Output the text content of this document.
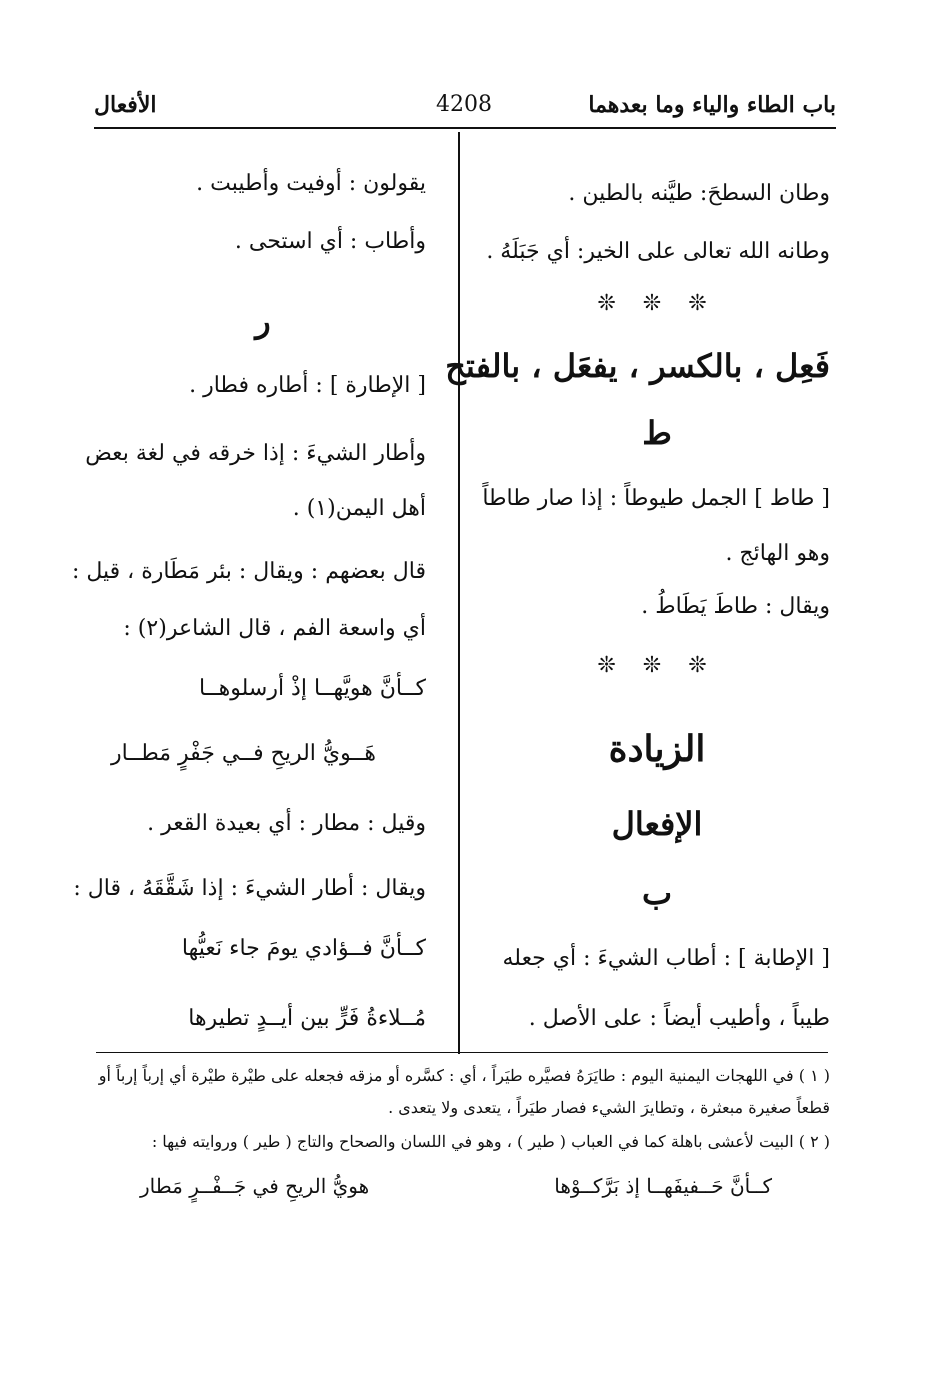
باب الطاء والياء وما بعدهما
4208
الأفعال
وطان السطحَ: طيَّنه بالطين .
وطانه الله تعالى على الخير: أي جَبَلَهُ .
❊ ❊ ❊
فَعِل ، بالكسر ، يفعَل ، بالفتح
ط
[ طاط ] الجمل طيوطاً : إذا صار طاطاً
وهو الهائج .
ويقال : طاطَ يَطَاطُ .
❊ ❊ ❊
الزيادة
الإفعال
ب
[ الإطابة ] : أطاب الشيءَ : أي جعله
طيباً ، وأطيب أيضاً : على الأصل .
يقولون : أوفيت وأطيبت .
وأطاب : أي استحى .
ر
[ الإطارة ] : أطاره فطار .
وأطار الشيءَ : إذا خرقه في لغة بعض
أهل اليمن(١) .
قال بعضهم : ويقال : بئر مَطَارة ، قيل :
أي واسعة الفم ، قال الشاعر(٢) :
كــأنَّ هويَّهــا إذْ أرسلوهــا
هَــويُّ الريحِ فــي جَفْرٍ مَطــار
وقيل : مطار : أي بعيدة القعر .
ويقال : أطار الشيءَ : إذا شَقَّقَهُ ، قال :
كــأنَّ فــؤادي يومَ جاء نَعيُّها
مُــلاءةُ فَرٍّ بين أيــدٍ تطيرها
( ١ ) في اللهجات اليمنية اليوم : طايَرَهُ فصيَّره طيَراً ، أي : كسَّره أو مزقه فجعله على طيْرة طيْرة أي إرباً إرباً أو
قطعاً صغيرة مبعثرة ، وتطايرَ الشيء فصار طيَراً ، يتعدى ولا يتعدى .
( ٢ ) البيت لأعشى باهلة كما في العباب ( طير ) ، وهو في اللسان والصحاح والتاج ( طير ) وروايته فيها :
كــأنَّ حَــفيفَهــا إذ بَرَّكــوْها
هويُّ الريحِ في جَــفْــرٍ مَطار
